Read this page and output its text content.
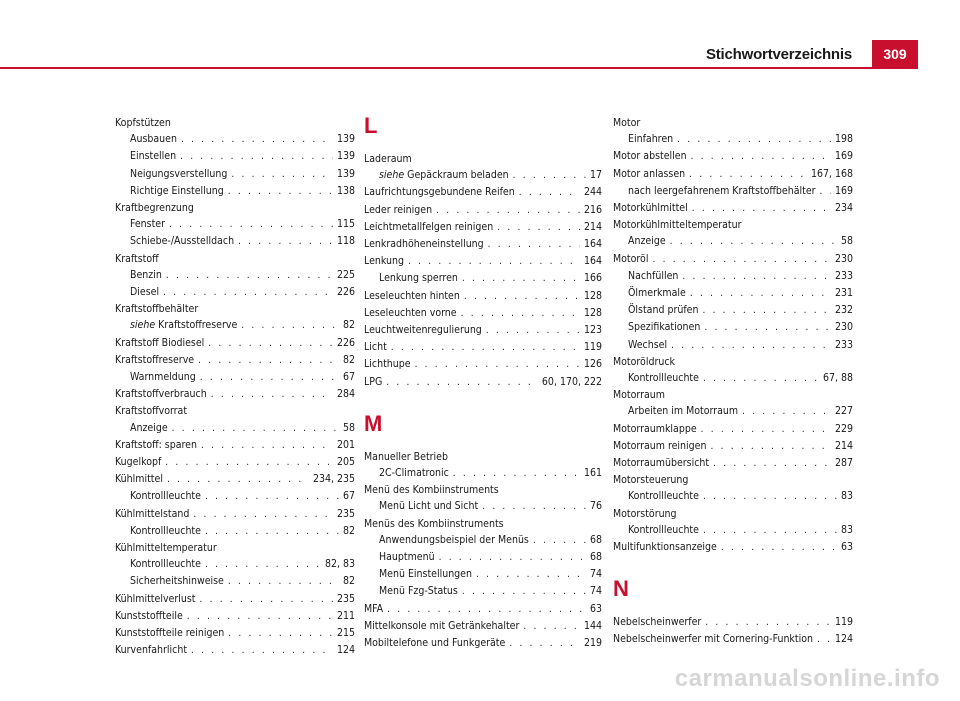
Stichwortverzeichnis	309
Kopfstützen
Ausbauen . . .	139
Einstellen . . .	139
Neigungsverstellung . . .	139
Richtige Einstellung . . .	138
Kraftbegrenzung
Fenster . . .	115
Schiebe-/Ausstelldach . . .	118
Kraftstoff
Benzin . . .	225
Diesel . . .	226
Kraftstoffbehälter
siehe Kraftstoffreserve . . .	82
Kraftstoff Biodiesel . . .	226
Kraftstoffreserve . . .	82
Warnmeldung . . .	67
Kraftstoffverbrauch . . .	284
Kraftstoffvorrat
Anzeige . . .	58
Kraftstoff: sparen . . .	201
Kugelkopf . . .	205
Kühlmittel . . .	234, 235
Kontrollleuchte . . .	67
Kühlmittelstand . . .	235
Kontrollleuchte . . .	82
Kühlmitteltemperatur
Kontrollleuchte . . .	82, 83
Sicherheitshinweise . . .	82
Kühlmittelverlust . . .	235
Kunststoffteile . . .	211
Kunststoffteile reinigen . . .	215
Kurvenfahrlicht . . .	124
L
Laderaum
siehe Gepäckraum beladen . . .	17
Laufrichtungsgebundene Reifen . . .	244
Leder reinigen . . .	216
Leichtmetallfelgen reinigen . . .	214
Lenkradhöheneinstellung . . .	164
Lenkung . . .	164
Lenkung sperren . . .	166
Leseleuchten hinten . . .	128
Leseleuchten vorne . . .	128
Leuchtweitenregulierung . . .	123
Licht . . .	119
Lichthupe . . .	126
LPG . . .	60, 170, 222
M
Manueller Betrieb
2C-Climatronic . . .	161
Menü des Kombiinstruments
Menü Licht und Sicht . . .	76
Menüs des Kombiinstruments
Anwendungsbeispiel der Menüs . . .	68
Hauptmenü . . .	68
Menü Einstellungen . . .	74
Menü Fzg-Status . . .	74
MFA . . .	63
Mittelkonsole mit Getränkehalter . . .	144
Mobiltelefone und Funkgeräte . . .	219
Motor
Einfahren . . .	198
Motor abstellen . . .	169
Motor anlassen . . .	167, 168
nach leergefahrenem Kraftstoffbehälter . . . 169
Motorkühlmittel . . .	234
Motorkühlmitteltemperatur
Anzeige . . .	58
Motoröl . . .	230
Nachfüllen . . .	233
Ölmerkmale . . .	231
Ölstand prüfen . . .	232
Spezifikationen . . .	230
Wechsel . . .	233
Motoröldruck
Kontrollleuchte . . .	67, 88
Motorraum
Arbeiten im Motorraum . . .	227
Motorraumklappe . . .	229
Motorraum reinigen . . .	214
Motorraumübersicht . . .	287
Motorsteuerung
Kontrollleuchte . . .	83
Motorstörung
Kontrollleuchte . . .	83
Multifunktionsanzeige . . .	63
N
Nebelscheinwerfer . . .	119
Nebelscheinwerfer mit Cornering-Funktion . . . 124
carmanualsonline.info
